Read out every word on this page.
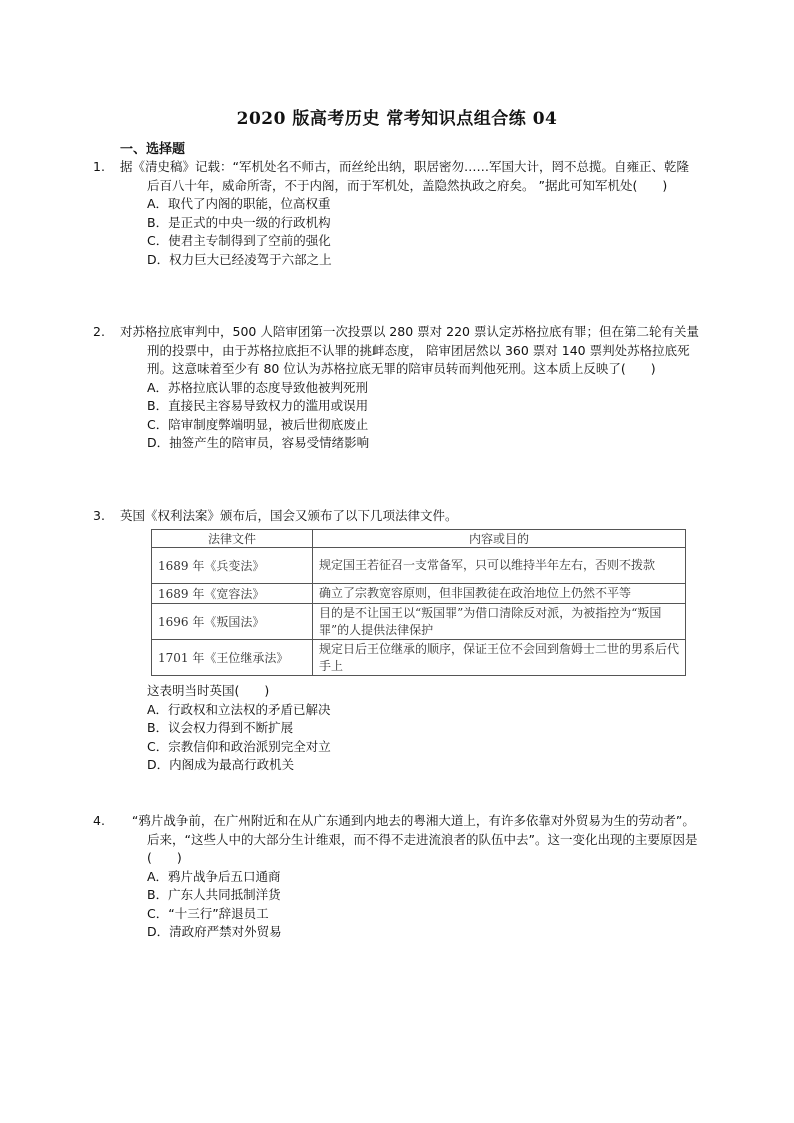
2020 版高考历史 常考知识点组合练 04
一、选择题
1. 据《清史稿》记载：“军机处名不师古，而丝纶出纳，职居密勿……军国大计，罔不总揽。自雍正、乾隆后百八十年，威命所寄，不于内阁，而于军机处，盖隐然执政之府矣。 ”据此可知军机处(　　)
A．取代了内阁的职能，位高权重
B．是正式的中央一级的行政机构
C．使君主专制得到了空前的强化
D．权力巨大已经凌驾于六部之上
2. 对苏格拉底审判中，500 人陪审团第一次投票以 280 票对 220 票认定苏格拉底有罪；但在第二轮有关量刑的投票中，由于苏格拉底拒不认罪的挑衅态度， 陪审团居然以 360 票对 140 票判处苏格拉底死刑。这意味着至少有 80 位认为苏格拉底无罪的陪审员转而判他死刑。这本质上反映了(　　)
A．苏格拉底认罪的态度导致他被判死刑
B．直接民主容易导致权力的滥用或误用
C．陪审制度弊端明显，被后世彻底废止
D．抽签产生的陪审员，容易受情绪影响
3. 英国《权利法案》颁布后，国会又颁布了以下几项法律文件。
法律文件	内容或目的
1689 年《兵变法》	规定国王若征召一支常备军，只可以维持半年左右，否则不拨款
1689 年《宽容法》	确立了宗教宽容原则，但非国教徒在政治地位上仍然不平等
1696 年《叛国法》	目的是不让国王以“叛国罪”为借口清除反对派，为被指控为“叛国罪”的人提供法律保护
1701 年《王位继承法》	规定日后王位继承的顺序，保证王位不会回到詹姆士二世的男系后代手上
这表明当时英国(　　)
A．行政权和立法权的矛盾已解决
B．议会权力得到不断扩展
C．宗教信仰和政治派别完全对立
D．内阁成为最高行政机关
4. “鸦片战争前，在广州附近和在从广东通到内地去的粤湘大道上，有许多依靠对外贸易为生的劳动者”。后来，“这些人中的大部分生计维艰，而不得不走进流浪者的队伍中去”。这一变化出现的主要原因是(　　)
A．鸦片战争后五口通商
B．广东人共同抵制洋货
C．“十三行”辞退员工
D．清政府严禁对外贸易
